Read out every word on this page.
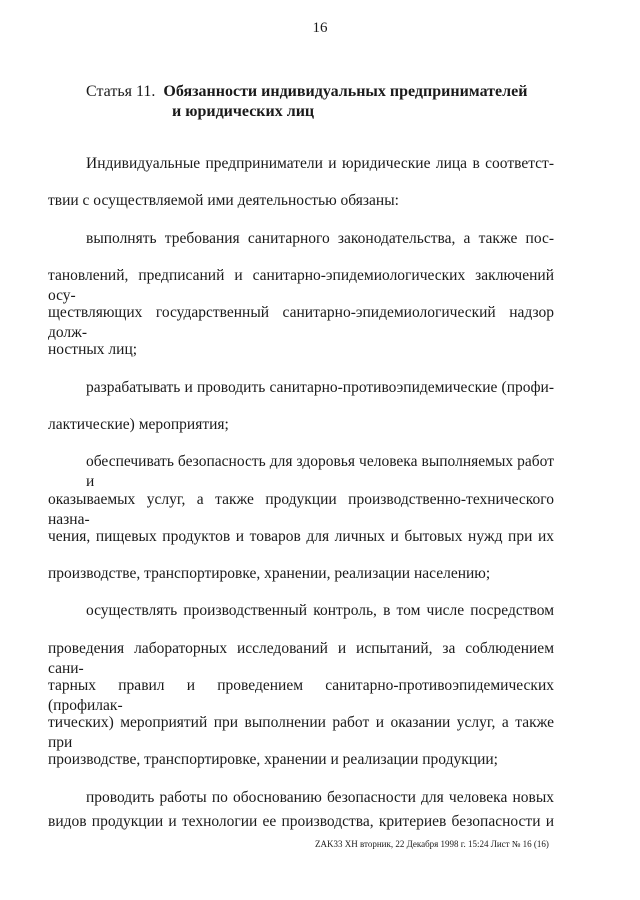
16
Статья 11. Обязанности индивидуальных предпринимателей
и юридических лиц
Индивидуальные предприниматели и юридические лица в соответст-
твии с осуществляемой ими деятельностью обязаны:
выполнять требования санитарного законодательства, а также пос-
тановлений, предписаний и санитарно-эпидемиологических заключений осу-
ществляющих государственный санитарно-эпидемиологический надзор долж-
ностных лиц;
разрабатывать и проводить санитарно-противоэпидемические (профи-
лактические) мероприятия;
обеспечивать безопасность для здоровья человека выполняемых работ и
оказываемых услуг, а также продукции производственно-технического назна-
чения, пищевых продуктов и товаров для личных и бытовых нужд при их
производстве, транспортировке, хранении, реализации населению;
осуществлять производственный контроль, в том числе посредством
проведения лабораторных исследований и испытаний, за соблюдением сани-
тарных правил и проведением санитарно-противоэпидемических (профилак-
тических) мероприятий при выполнении работ и оказании услуг, а также при
производстве, транспортировке, хранении и реализации продукции;
проводить работы по обоснованию безопасности для человека новых
видов продукции и технологии ее производства, критериев безопасности и
ZAK33 XH вторник, 22 Декабря 1998 г. 15:24 Лист № 16 (16)
